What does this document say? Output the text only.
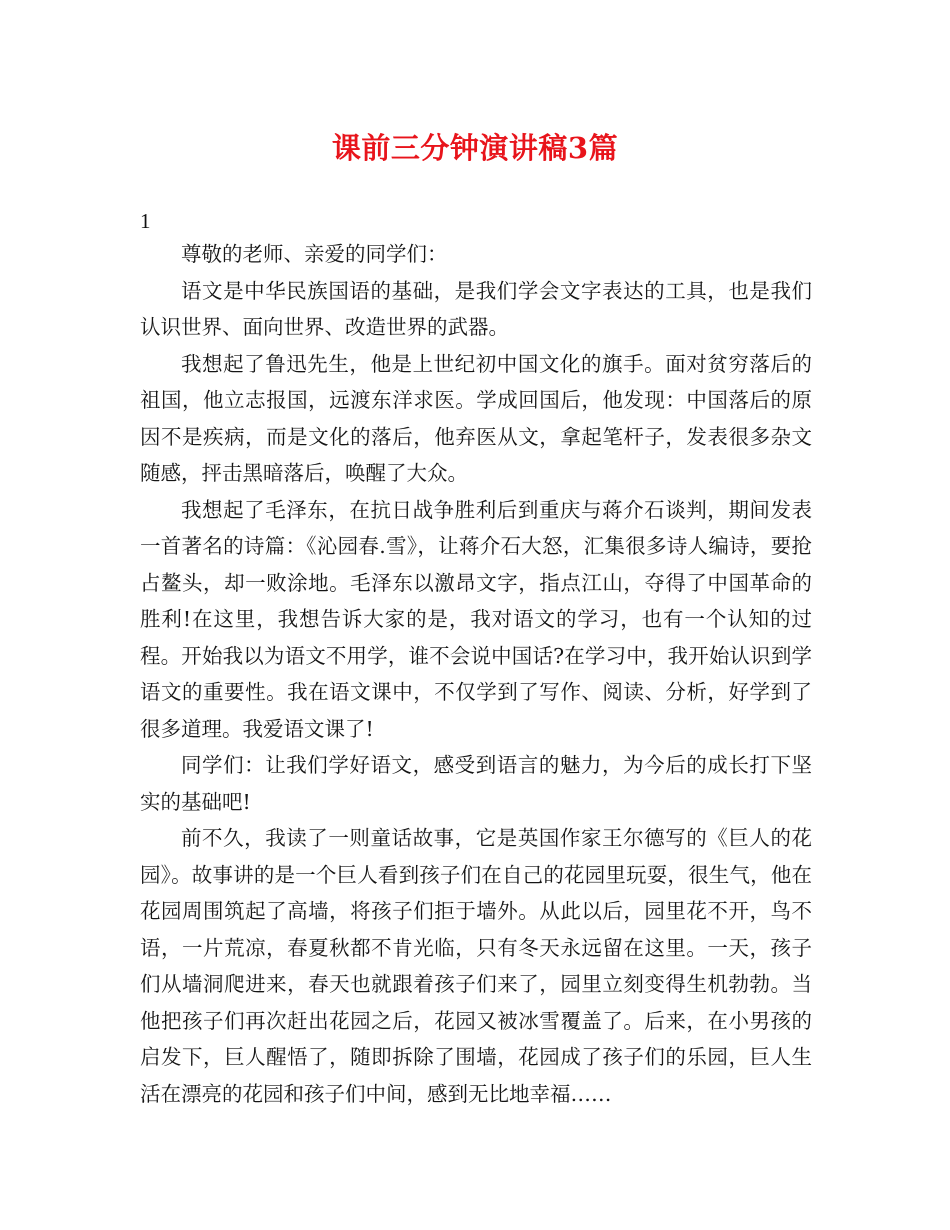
课前三分钟演讲稿3篇
1

尊敬的老师、亲爱的同学们：

语文是中华民族国语的基础，是我们学会文字表达的工具，也是我们认识世界、面向世界、改造世界的武器。

我想起了鲁迅先生，他是上世纪初中国文化的旗手。面对贫穷落后的祖国，他立志报国，远渡东洋求医。学成回国后，他发现：中国落后的原因不是疾病，而是文化的落后，他弃医从文，拿起笔杆子，发表很多杂文随感，抨击黑暗落后，唤醒了大众。

我想起了毛泽东，在抗日战争胜利后到重庆与蒋介石谈判，期间发表一首著名的诗篇：《沁园春.雪》，让蒋介石大怒，汇集很多诗人编诗，要抢占鳌头，却一败涂地。毛泽东以激昂文字，指点江山，夺得了中国革命的胜利!在这里，我想告诉大家的是，我对语文的学习，也有一个认知的过程。开始我以为语文不用学，谁不会说中国话?在学习中，我开始认识到学语文的重要性。我在语文课中，不仅学到了写作、阅读、分析，好学到了很多道理。我爱语文课了!

同学们：让我们学好语文，感受到语言的魅力，为今后的成长打下坚实的基础吧!

前不久，我读了一则童话故事，它是英国作家王尔德写的《巨人的花园》。故事讲的是一个巨人看到孩子们在自己的花园里玩耍，很生气，他在花园周围筑起了高墙，将孩子们拒于墙外。从此以后，园里花不开，鸟不语，一片荒凉，春夏秋都不肯光临，只有冬天永远留在这里。一天，孩子们从墙洞爬进来，春天也就跟着孩子们来了，园里立刻变得生机勃勃。当他把孩子们再次赶出花园之后，花园又被冰雪覆盖了。后来，在小男孩的启发下，巨人醒悟了，随即拆除了围墙，花园成了孩子们的乐园，巨人生活在漂亮的花园和孩子们中间，感到无比地幸福……
